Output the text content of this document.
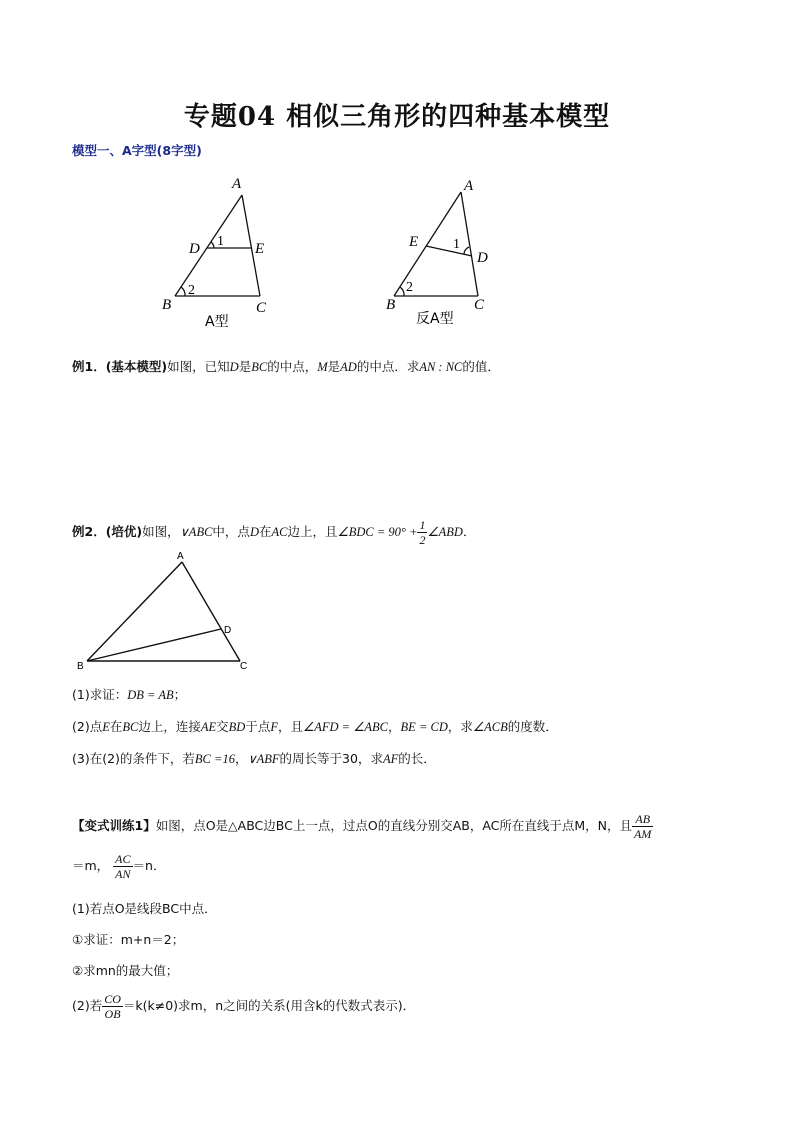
专题04 相似三角形的四种基本模型
模型一、A字型(8字型)
A
D	E
B	C
1
2
A型
A
E
D
B	C
1
2
反A型
例1．(基本模型)如图，已知D是BC的中点，M是AD的中点．求AN : NC的值．
例2．(培优)如图，∨ABC中，点D在AC边上，且∠BDC = $90^\circ + \frac{1}{2}$ ∠ABD．
A
B	C
D
(1)求证：DB = AB；
(2)点E在BC边上，连接AE交BD于点F，且∠AFD = ∠ABC，BE = CD，求∠ACB的度数．
(3)在(2)的条件下，若BC =16，∨ABF的周长等于30，求AF的长．
【变式训练1】如图，点O是△ABC边BC上一点，过点O的直线分别交AB，AC所在直线于点M，N，且 $\frac{AB}{AM}$
＝m， $\frac{AC}{AN} =n$．
(1)若点O是线段BC中点．
①求证：m+n＝2；
②求mn的最大值；
(2)若 $\frac{CO}{OB} =k(k\ne 0)$求m，n之间的关系(用含k的代数式表示)．
